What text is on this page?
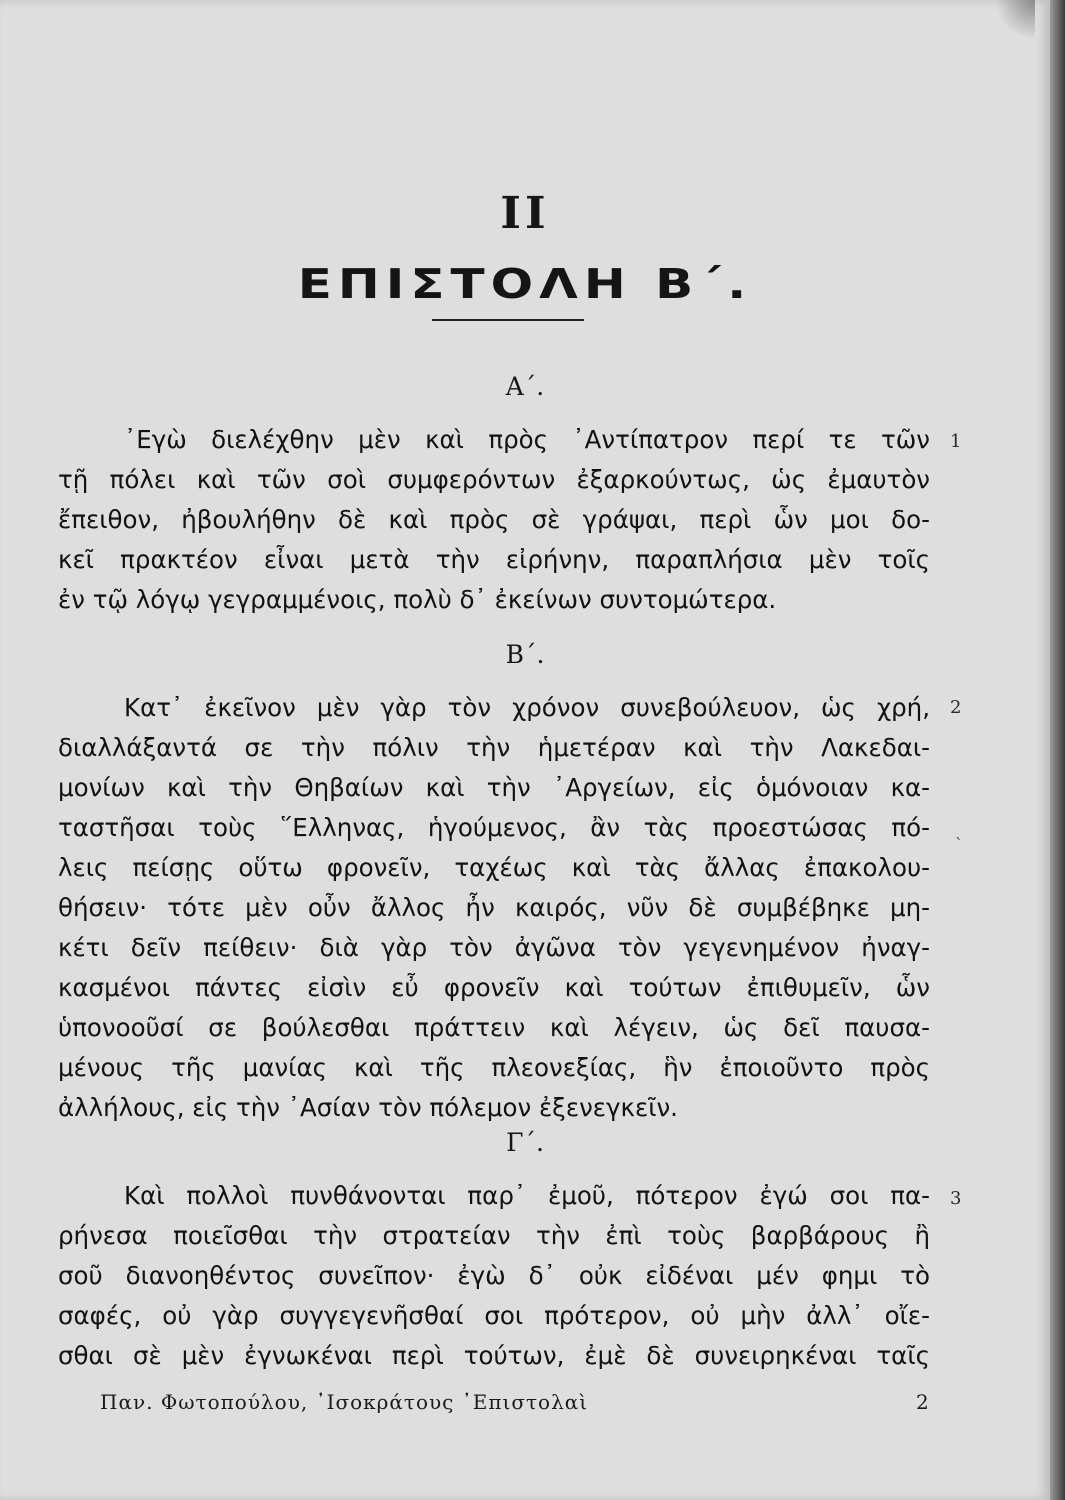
II
ΕΠΙΣΤΟΛΗ Β΄.
Α΄.
᾿Εγὼ διελέχθην μὲν καὶ πρὸς ᾿Αντίπατρον περί τε τῶν
τῇ πόλει καὶ τῶν σοὶ συμφερόντων ἐξαρκούντως, ὡς ἐμαυτὸν
ἔπειθον, ἠβουλήθην δὲ καὶ πρὸς σὲ γράψαι, περὶ ὧν μοι δο-
κεῖ πρακτέον εἶναι μετὰ τὴν εἰρήνην, παραπλήσια μὲν τοῖς
ἐν τῷ λόγῳ γεγραμμένοις, πολὺ δ᾿ ἐκείνων συντομώτερα.
1
Β΄.
Κατ᾿ ἐκεῖνον μὲν γὰρ τὸν χρόνον συνεβούλευον, ὡς χρή,
διαλλάξαντά σε τὴν πόλιν τὴν ἡμετέραν καὶ τὴν Λακεδαι-
μονίων καὶ τὴν Θηβαίων καὶ τὴν ᾿Αργείων, εἰς ὁμόνοιαν κα-
ταστῆσαι τοὺς ῞Ελληνας, ἡγούμενος, ἂν τὰς προεστώσας πό-
λεις πείσῃς οὕτω φρονεῖν, ταχέως καὶ τὰς ἄλλας ἐπακολου-
θήσειν· τότε μὲν οὖν ἄλλος ἦν καιρός, νῦν δὲ συμβέβηκε μη-
κέτι δεῖν πείθειν· διὰ γὰρ τὸν ἀγῶνα τὸν γεγενημένον ἠναγ-
κασμένοι πάντες εἰσὶν εὖ φρονεῖν καὶ τούτων ἐπιθυμεῖν, ὧν
ὑπονοοῦσί σε βούλεσθαι πράττειν καὶ λέγειν, ὡς δεῖ παυσα-
μένους τῆς μανίας καὶ τῆς πλεονεξίας, ἣν ἐποιοῦντο πρὸς
ἀλλήλους, εἰς τὴν ᾿Ασίαν τὸν πόλεμον ἐξενεγκεῖν.
2
`
Γ΄.
Καὶ πολλοὶ πυνθάνονται παρ᾿ ἐμοῦ, πότερον ἐγώ σοι πα-
ρήνεσα ποιεῖσθαι τὴν στρατείαν τὴν ἐπὶ τοὺς βαρβάρους ἢ
σοῦ διανοηθέντος συνεῖπον· ἐγὼ δ᾿ οὐκ εἰδέναι μέν φημι τὸ
σαφές, οὐ γὰρ συγγεγενῆσθαί σοι πρότερον, οὐ μὴν ἀλλ᾿ οἴε-
σθαι σὲ μὲν ἐγνωκέναι περὶ τούτων, ἐμὲ δὲ συνειρηκέναι ταῖς
3
Παν. Φωτοπούλου, ᾿Ισοκράτους ᾿Επιστολαὶ	2
